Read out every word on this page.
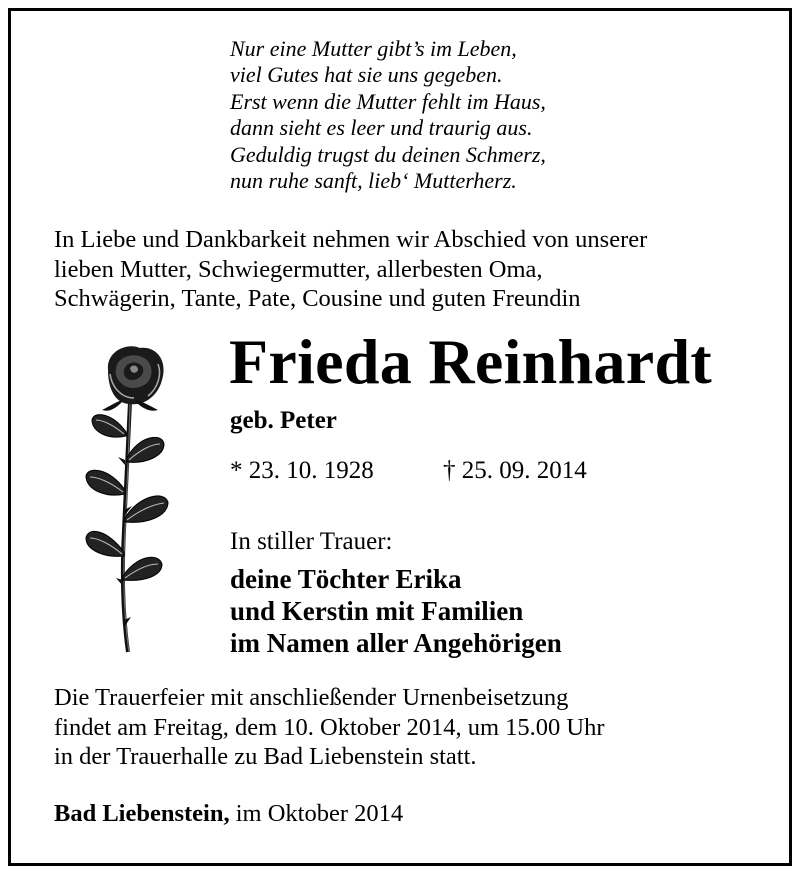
Nur eine Mutter gibt’s im Leben,
viel Gutes hat sie uns gegeben.
Erst wenn die Mutter fehlt im Haus,
dann sieht es leer und traurig aus.
Geduldig trugst du deinen Schmerz,
nun ruhe sanft, lieb‘ Mutterherz.
In Liebe und Dankbarkeit nehmen wir Abschied von unserer
lieben Mutter, Schwiegermutter, allerbesten Oma,
Schwägerin, Tante, Pate, Cousine und guten Freundin
Frieda Reinhardt
geb. Peter
* 23. 10. 1928	† 25. 09. 2014
In stiller Trauer:
deine Töchter Erika
und Kerstin mit Familien
im Namen aller Angehörigen
Die Trauerfeier mit anschließender Urnenbeisetzung
findet am Freitag, dem 10. Oktober 2014, um 15.00 Uhr
in der Trauerhalle zu Bad Liebenstein statt.
Bad Liebenstein, im Oktober 2014
